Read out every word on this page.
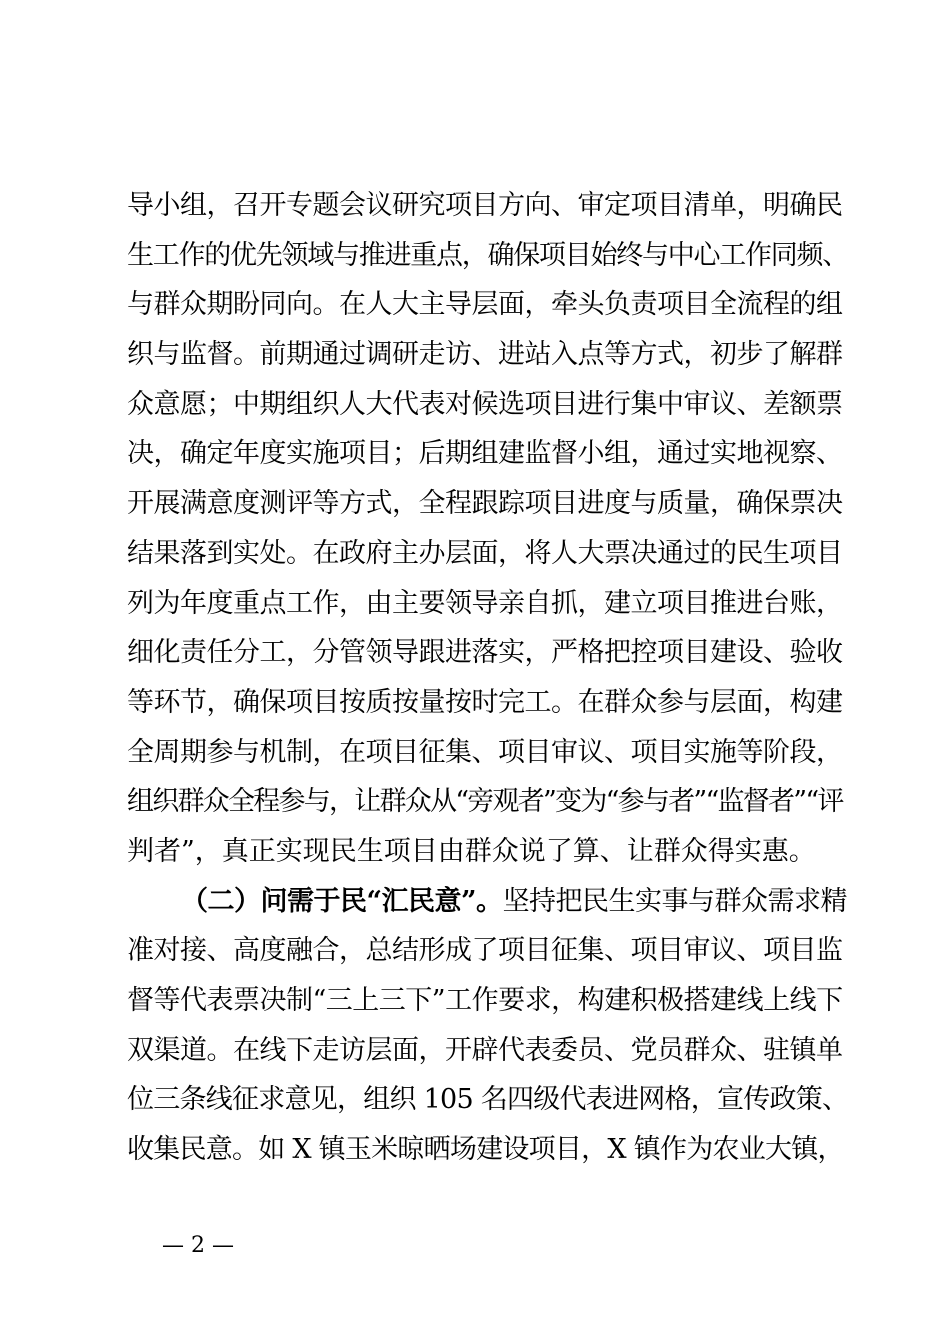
导小组，召开专题会议研究项目方向、审定项目清单，明确民
生工作的优先领域与推进重点，确保项目始终与中心工作同频、
与群众期盼同向。在人大主导层面，牵头负责项目全流程的组
织与监督。前期通过调研走访、进站入点等方式，初步了解群
众意愿；中期组织人大代表对候选项目进行集中审议、差额票
决，确定年度实施项目；后期组建监督小组，通过实地视察、
开展满意度测评等方式，全程跟踪项目进度与质量，确保票决
结果落到实处。在政府主办层面，将人大票决通过的民生项目
列为年度重点工作，由主要领导亲自抓，建立项目推进台账，
细化责任分工，分管领导跟进落实，严格把控项目建设、验收
等环节，确保项目按质按量按时完工。在群众参与层面，构建
全周期参与机制，在项目征集、项目审议、项目实施等阶段，
组织群众全程参与，让群众从“旁观者”变为“参与者”“监督者”“评
判者”，真正实现民生项目由群众说了算、让群众得实惠。
（二）问需于民“汇民意”。坚持把民生实事与群众需求精
准对接、高度融合，总结形成了项目征集、项目审议、项目监
督等代表票决制“三上三下”工作要求，构建积极搭建线上线下
双渠道。在线下走访层面，开辟代表委员、党员群众、驻镇单
位三条线征求意见，组织 105 名四级代表进网格，宣传政策、
收集民意。如 X 镇玉米晾晒场建设项目，X 镇作为农业大镇，
— 2 —
